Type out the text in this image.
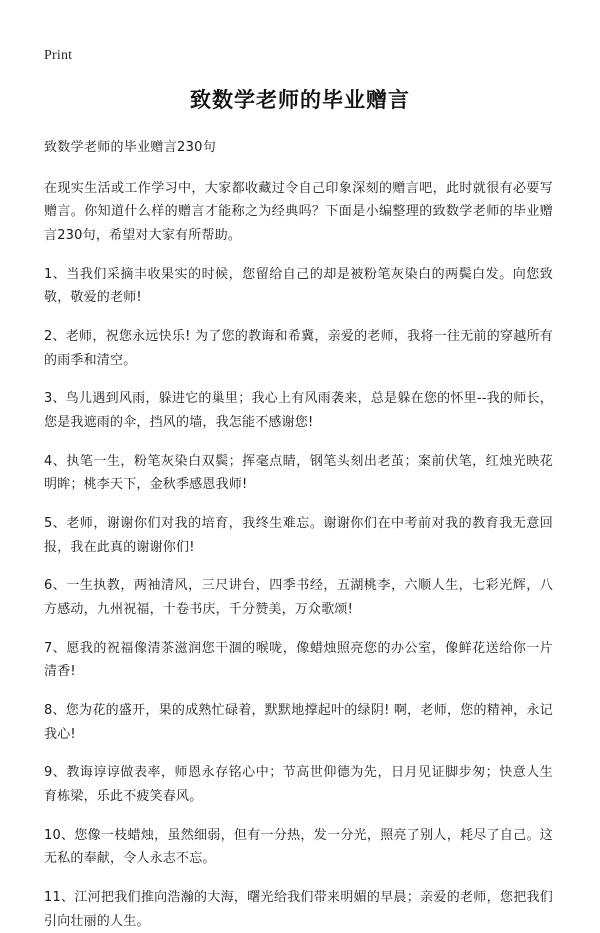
Print
致数学老师的毕业赠言

致数学老师的毕业赠言230句

在现实生活或工作学习中，大家都收藏过令自己印象深刻的赠言吧，此时就很有必要写赠言。你知道什么样的赠言才能称之为经典吗？下面是小编整理的致数学老师的毕业赠言230句，希望对大家有所帮助。

1、当我们采摘丰收果实的时候，您留给自己的却是被粉笔灰染白的两鬓白发。向您致敬，敬爱的老师!
2、老师，祝您永远快乐! 为了您的教诲和希冀，亲爱的老师，我将一往无前的穿越所有的雨季和清空。
3、鸟儿遇到风雨，躲进它的巢里；我心上有风雨袭来，总是躲在您的怀里--我的师长，您是我遮雨的伞，挡风的墙，我怎能不感谢您!
4、执笔一生，粉笔灰染白双鬓；挥毫点睛，钢笔头刻出老茧；案前伏笔，红烛光映花明眸；桃李天下，金秋季感恩我师!
5、老师，谢谢你们对我的培育，我终生难忘。谢谢你们在中考前对我的教育我无意回报，我在此真的谢谢你们!
6、一生执教，两袖清风，三尺讲台，四季书经，五湖桃李，六顺人生，七彩光辉，八方感动，九州祝福，十卷书庆，千分赞美，万众歌颂!
7、愿我的祝福像清茶滋润您干涸的喉咙，像蜡烛照亮您的办公室，像鲜花送给你一片清香!
8、您为花的盛开，果的成熟忙碌着，默默地撑起叶的绿阴! 啊，老师，您的精神，永记我心!
9、教诲谆谆做表率，师恩永存铭心中；节高世仰德为先，日月见证脚步匆；快意人生育栋梁，乐此不疲笑春风。
10、您像一枝蜡烛，虽然细弱，但有一分热，发一分光，照亮了别人，耗尽了自己。这无私的奉献，令人永志不忘。
11、江河把我们推向浩瀚的大海，曙光给我们带来明媚的早晨；亲爱的老师，您把我们引向壮丽的人生。
